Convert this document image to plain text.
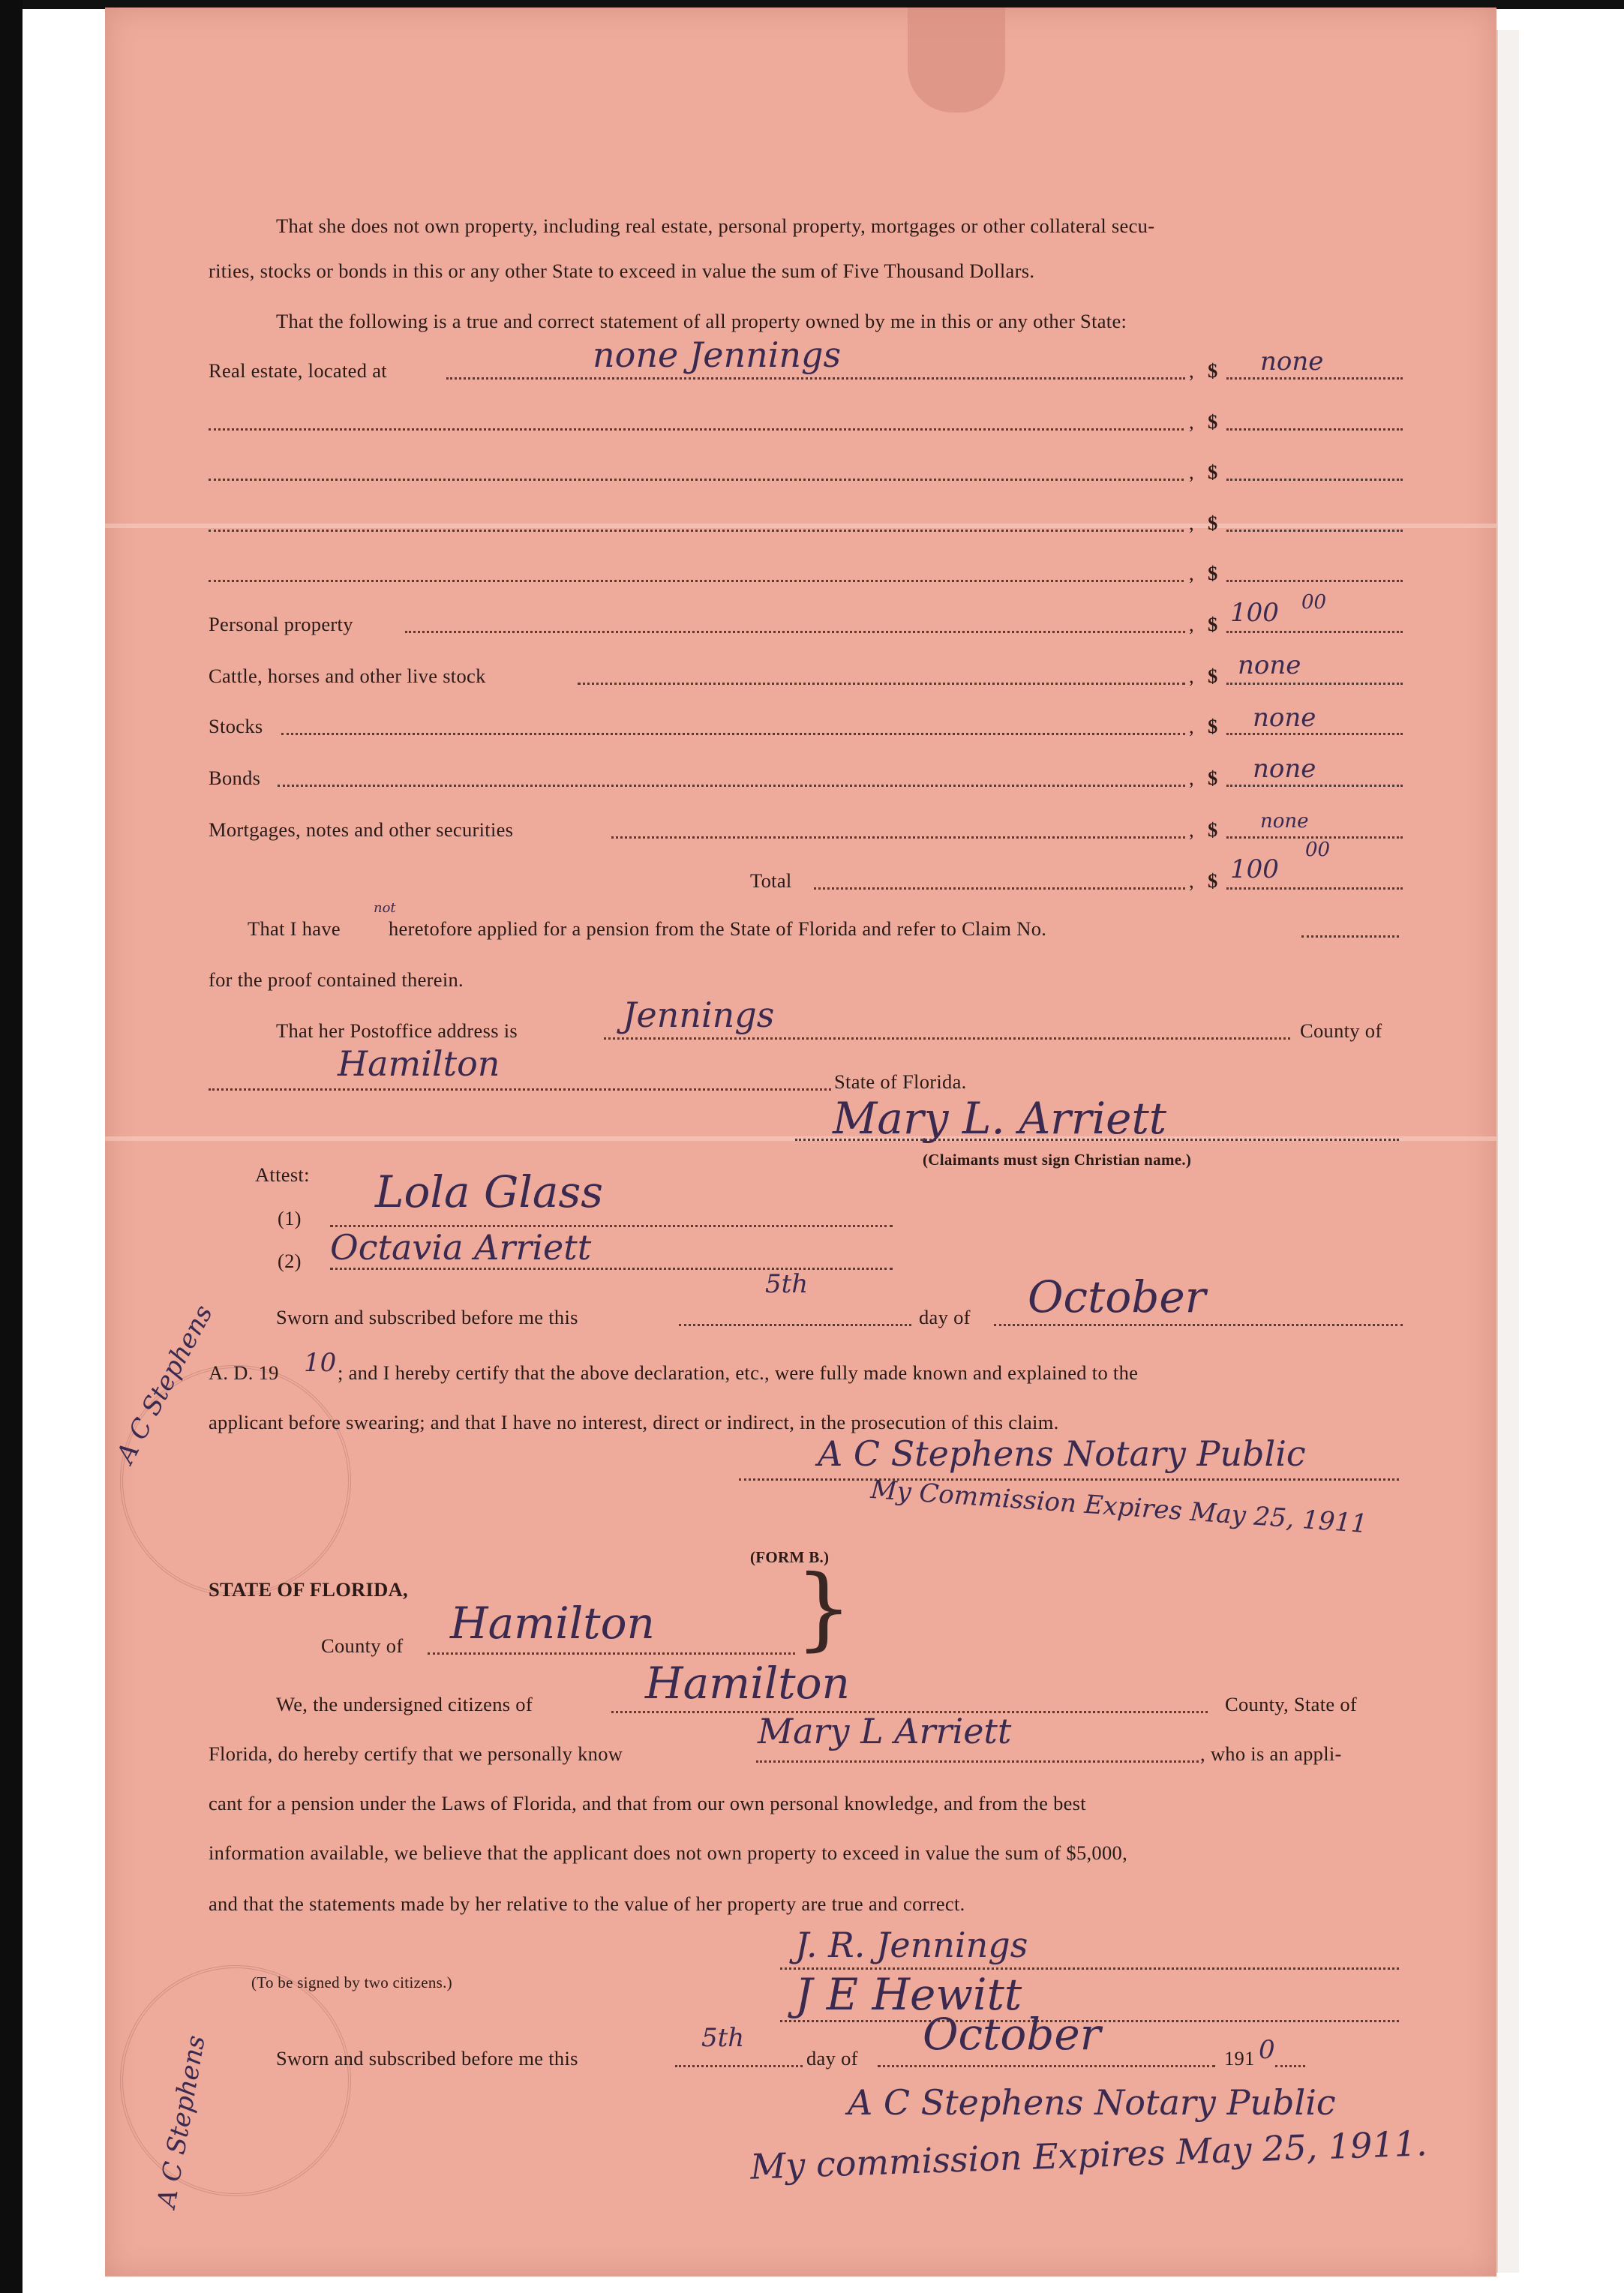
That she does not own property, including real estate, personal property, mortgages or other collateral secu-
rities, stocks or bonds in this or any other State to exceed in value the sum of Five Thousand Dollars.
That the following is a true and correct statement of all property owned by me in this or any other State:
Real estate, located at	none Jennings	, $ none
, $
, $
, $
, $
Personal property	, $ 100 00
Cattle, horses and other live stock	, $ none
Stocks	, $ none
Bonds	, $ none
Mortgages, notes and other securities	, $ none
Total	, $ 100
00
That I have
not
heretofore applied for a pension from the State of Florida and refer to Claim No.
for the proof contained therein.
That her Postoffice address is	Jennings	County of
Hamilton	State of Florida.
Mary L. Arriett
(Claimants must sign Christian name.)
Attest:
(1)
Lola Glass
(2) Octavia Arriett
Sworn and subscribed before me this
5th
day of October
A. D. 19 10 ; and I hereby certify that the above declaration, etc., were fully made known and explained to the
applicant before swearing; and that I have no interest, direct or indirect, in the prosecution of this claim.
A C Stephens Notary Public
My Commission Expires May 25, 1911
A C Stephens
(FORM B.)
STATE OF FLORIDA,
County of Hamilton }
We, the undersigned citizens of	Hamilton	County, State of
Florida, do hereby certify that we personally know
Mary L Arriett
, who is an appli-
cant for a pension under the Laws of Florida, and that from our own personal knowledge, and from the best
information available, we believe that the applicant does not own property to exceed in value the sum of $5,000,
and that the statements made by her relative to the value of her property are true and correct.
(To be signed by two citizens.)
J. R. Jennings
J E Hewitt
Sworn and subscribed before me this
5th
day of October	191 0
A C Stephens Notary Public
My commission Expires May 25, 1911.
A C Stephens
